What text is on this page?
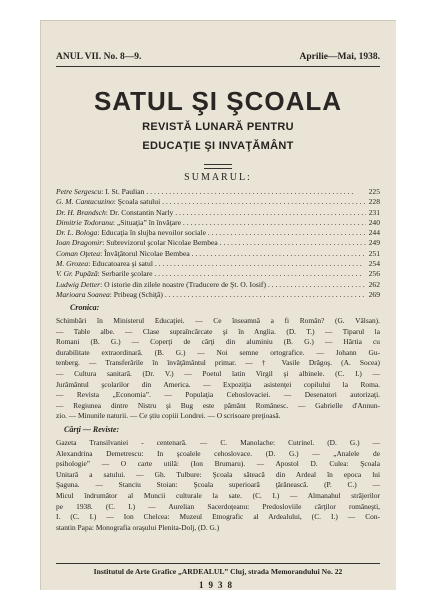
ANUL VII. No. 8—9.	Aprilie—Mai, 1938.
SATUL ŞI ŞCOALA
REVISTĂ LUNARĂ PENTRU
EDUCAŢIE ŞI INVAŢĂMÂNT
SUMARUL:
Petre Sergescu : I. St. Paulian . . .	225
G. M. Cantacuzino : Şcoala satului . . .	228
Dr. H. Brandsch : Dr. Constantin Narly . . .	231
Dimitrie Todoranu : „Situaţia” în învăţare . . .	240
Dr. L. Bologa : Educaţia în slujba nevoilor sociale . . .	244
Ioan Dragomir : Subrevizorul şcolar Nicolae Bembea . . .	249
Coman Oţetea : Învăţătorul Nicolae Bembea . . .	251
M. Grozea : Educatoarea şi satul . . .	254
V. Gr. Pupăză : Serbarile şcolare . . .	256
Ludwig Detter : O istorie din zilele noastre (Traducere de Şt. O. Iosif) . . .	262
Marioara Soanea : Pribeag (Schiţă) . . .	269
Cronica:
Schimbări în Ministerul Educaţiei. — Ce înseamnă a fi Român? (G. Vâlsan).
— Table albe. — Clase supraîncărcate şi în Anglia. (D. T.) — Tiparul la
Romani (B. G.) — Coperţi de cărţi din aluminiu (B. G.) — Hârtia cu
durabilitate extraordinară. (B. G.) — Noi semne ortografice. — Johann Gu-
tenberg. — Transferările în învăţământul primar. — † Vasile Drăgoş. (A. Socea)
— Cultura sanitară. (Dr. V.) — Poetul latin Virgil şi albinele. (C. I.) —
Jurământul şcolarilor din America. — Expoziţia asistenţei copilului la Roma.
— Revista „Economia”. — Populaţia Cehoslovaciei. — Desenatori autorizaţi.
— Regiunea dintre Nistru şi Bug este pământ Românesc. — Gabrielle d'Annun-
zio. — Minunile naturii. — Ce ştiu copiii Londrei. — O scrisoare preţioasă.
Cărţi — Reviste:
Gazeta Transilvaniei - centenară. — C. Manolache: Cutrinel. (D. G.) —
Alexandrina Demetrescu: In şcoalele cehoslovace. (D. G.) — „Analele de
psihologie” — O carte utilă: (Ion Brumaru). — Apostol D. Culea: Şcoala
Unitară a satului. — Gh. Tulbure: Şcoala săteacă din Ardeal în epoca lui
Şaguna. — Stanciu Stoian: Şcoala superioară ţărănească. (P. C.) —
Micul îndrumător al Muncii culturale la sate. (C. I.) — Almanahul străjerilor
pe 1938. (C. I.) — Aurelian Sacerdoţeanu: Predosloviile cărţilor româneşti,
I. (C. I.) — Ion Chelcea: Muzeul Etnografic al Ardealului, (C. I.) — Con-
stantin Papa: Monografia oraşului Plenita-Dolj, (D. G.)
Institutul de Arte Grafice „ARDEALUL” Cluj, strada Memorandului No. 22
1938
